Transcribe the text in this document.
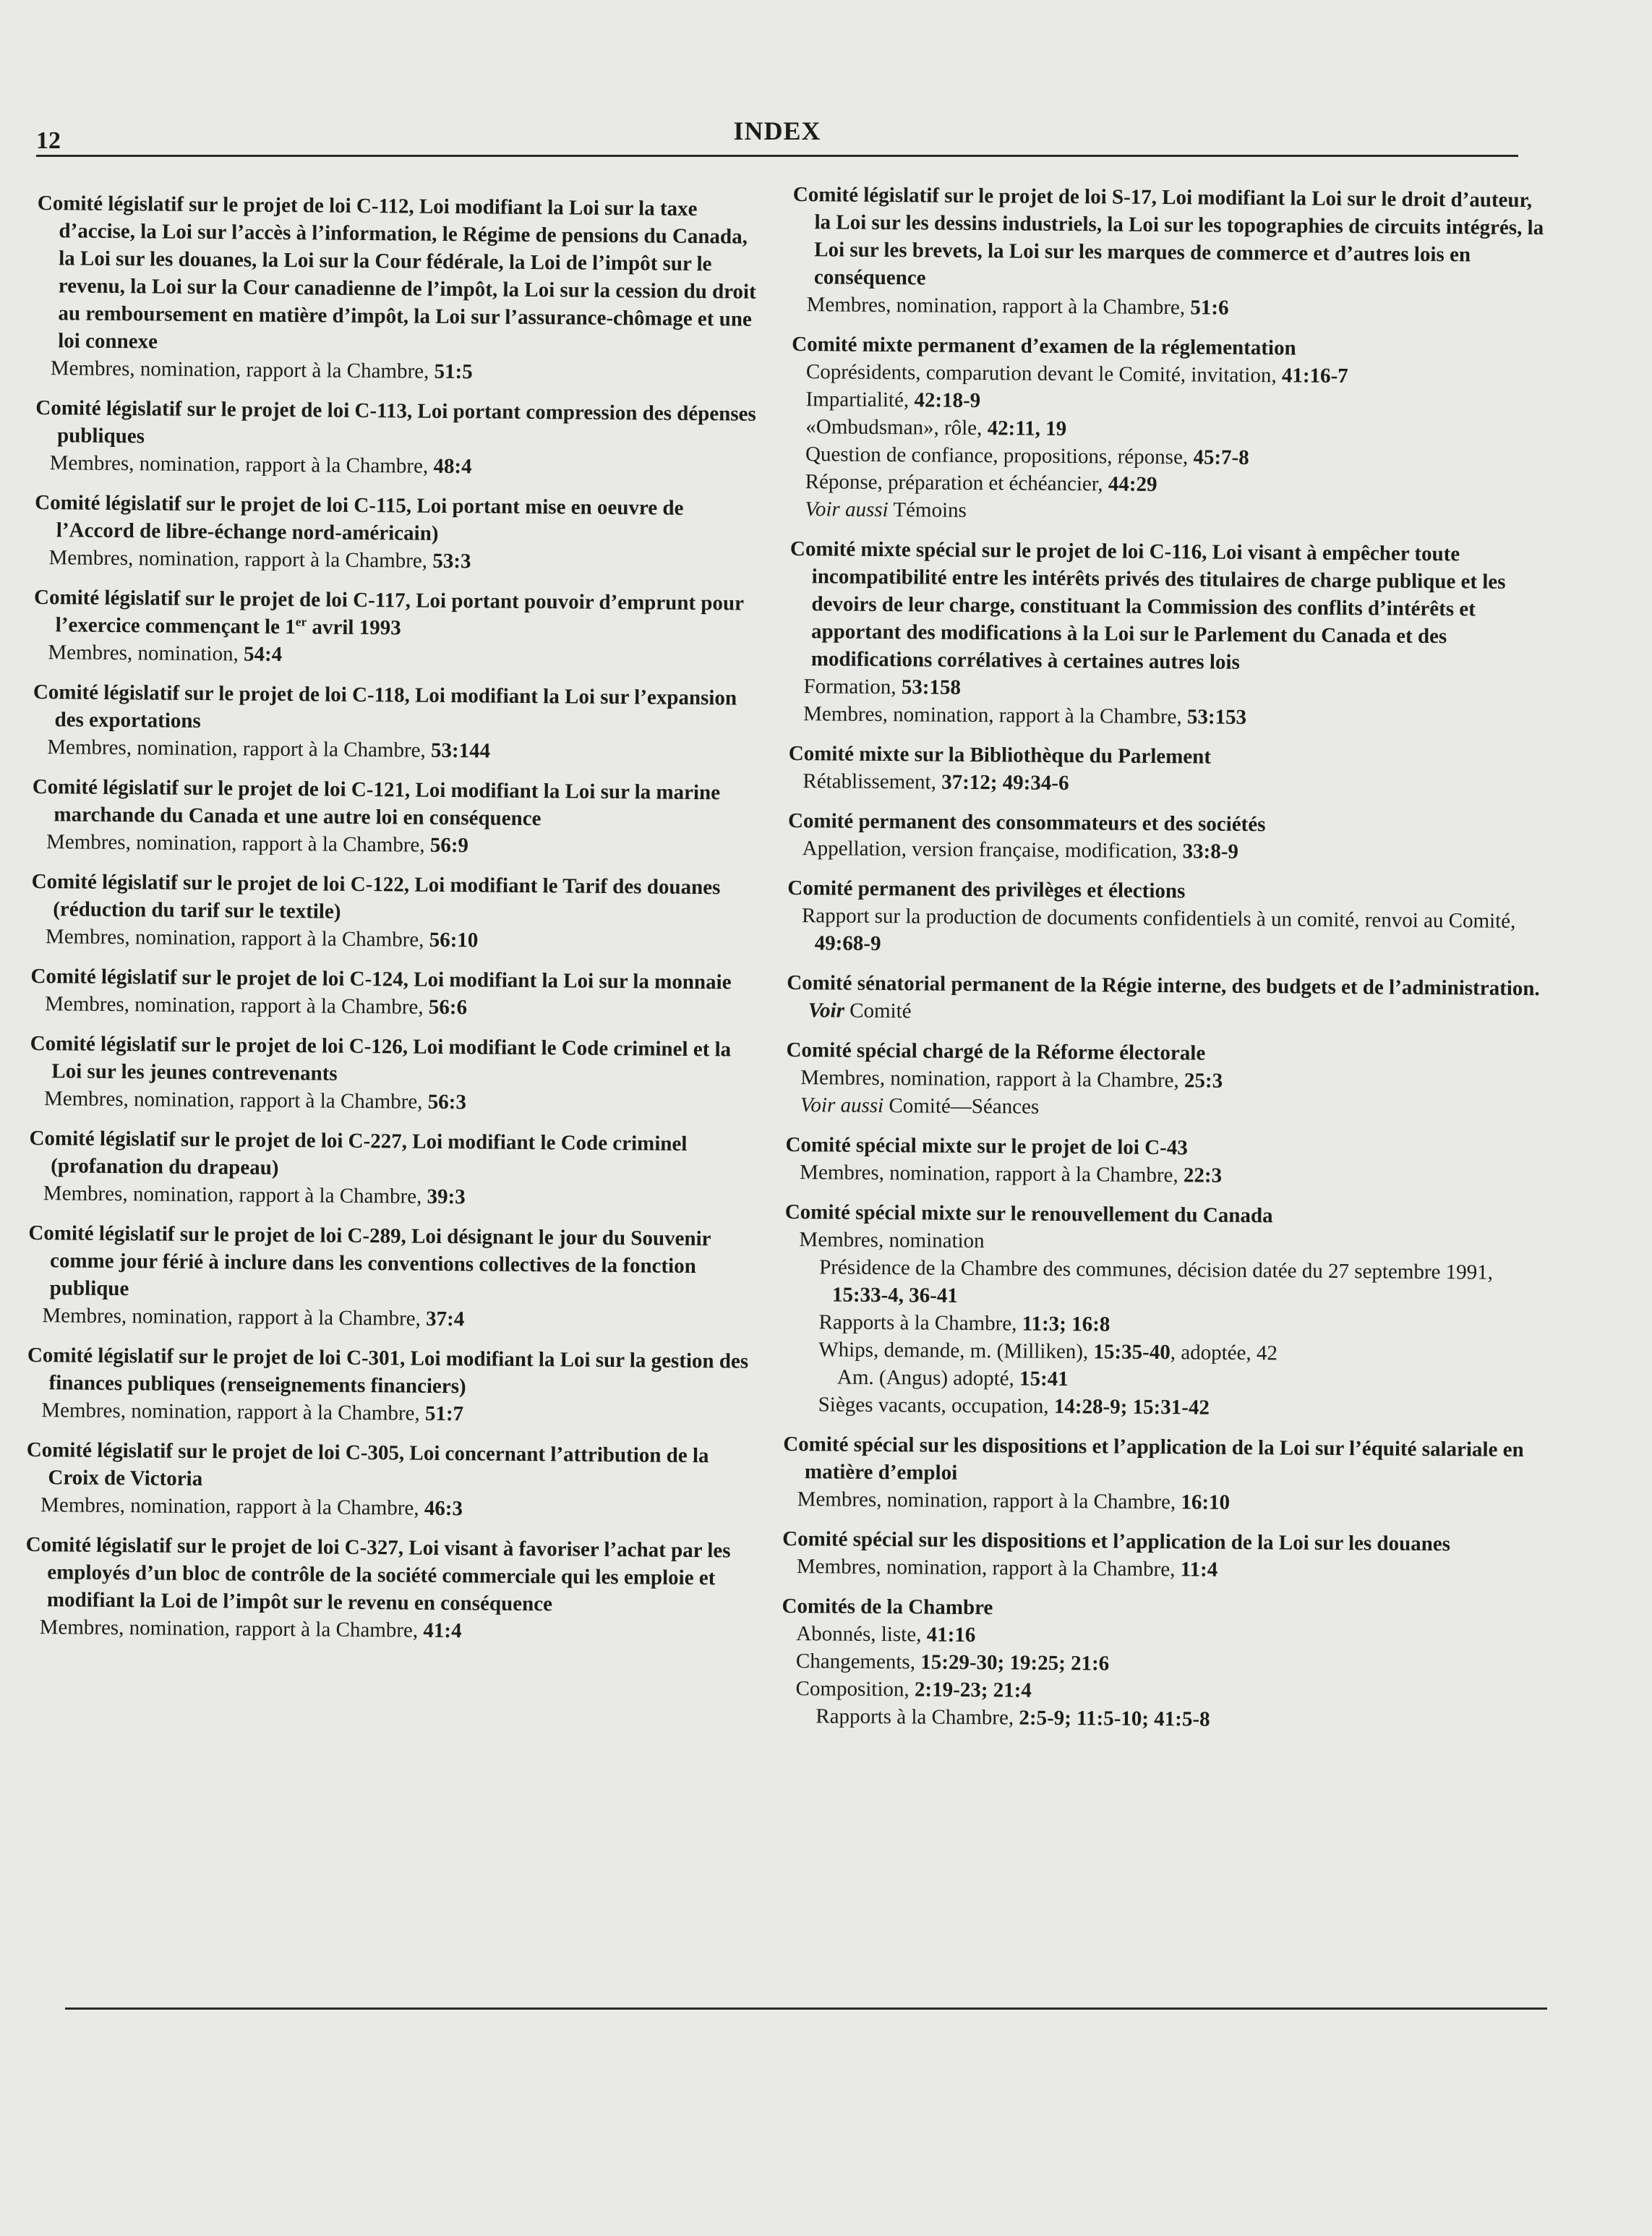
12	INDEX
Comité législatif sur le projet de loi C-112, Loi modifiant la Loi sur la taxe d’accise, la Loi sur l’accès à l’information, le Régime de pensions du Canada, la Loi sur les douanes, la Loi sur la Cour fédérale, la Loi de l’impôt sur le revenu, la Loi sur la Cour canadienne de l’impôt, la Loi sur la cession du droit au remboursement en matière d’impôt, la Loi sur l’assurance-chômage et une loi connexe
Membres, nomination, rapport à la Chambre, 51:5
Comité législatif sur le projet de loi C-113, Loi portant compression des dépenses publiques
Membres, nomination, rapport à la Chambre, 48:4
Comité législatif sur le projet de loi C-115, Loi portant mise en oeuvre de l’Accord de libre-échange nord-américain)
Membres, nomination, rapport à la Chambre, 53:3
Comité législatif sur le projet de loi C-117, Loi portant pouvoir d’emprunt pour l’exercice commençant le 1er avril 1993
Membres, nomination, 54:4
Comité législatif sur le projet de loi C-118, Loi modifiant la Loi sur l’expansion des exportations
Membres, nomination, rapport à la Chambre, 53:144
Comité législatif sur le projet de loi C-121, Loi modifiant la Loi sur la marine marchande du Canada et une autre loi en conséquence
Membres, nomination, rapport à la Chambre, 56:9
Comité législatif sur le projet de loi C-122, Loi modifiant le Tarif des douanes (réduction du tarif sur le textile)
Membres, nomination, rapport à la Chambre, 56:10
Comité législatif sur le projet de loi C-124, Loi modifiant la Loi sur la monnaie
Membres, nomination, rapport à la Chambre, 56:6
Comité législatif sur le projet de loi C-126, Loi modifiant le Code criminel et la Loi sur les jeunes contrevenants
Membres, nomination, rapport à la Chambre, 56:3
Comité législatif sur le projet de loi C-227, Loi modifiant le Code criminel (profanation du drapeau)
Membres, nomination, rapport à la Chambre, 39:3
Comité législatif sur le projet de loi C-289, Loi désignant le jour du Souvenir comme jour férié à inclure dans les conventions collectives de la fonction publique
Membres, nomination, rapport à la Chambre, 37:4
Comité législatif sur le projet de loi C-301, Loi modifiant la Loi sur la gestion des finances publiques (renseignements financiers)
Membres, nomination, rapport à la Chambre, 51:7
Comité législatif sur le projet de loi C-305, Loi concernant l’attribution de la Croix de Victoria
Membres, nomination, rapport à la Chambre, 46:3
Comité législatif sur le projet de loi C-327, Loi visant à favoriser l’achat par les employés d’un bloc de contrôle de la société commerciale qui les emploie et modifiant la Loi de l’impôt sur le revenu en conséquence
Membres, nomination, rapport à la Chambre, 41:4
Comité législatif sur le projet de loi S-17, Loi modifiant la Loi sur le droit d’auteur, la Loi sur les dessins industriels, la Loi sur les topographies de circuits intégrés, la Loi sur les brevets, la Loi sur les marques de commerce et d’autres lois en conséquence
Membres, nomination, rapport à la Chambre, 51:6
Comité mixte permanent d’examen de la réglementation
Coprésidents, comparution devant le Comité, invitation, 41:16-7
Impartialité, 42:18-9
«Ombudsman», rôle, 42:11, 19
Question de confiance, propositions, réponse, 45:7-8
Réponse, préparation et échéancier, 44:29
Voir aussi Témoins
Comité mixte spécial sur le projet de loi C-116, Loi visant à empêcher toute incompatibilité entre les intérêts privés des titulaires de charge publique et les devoirs de leur charge, constituant la Commission des conflits d’intérêts et apportant des modifications à la Loi sur le Parlement du Canada et des modifications corrélatives à certaines autres lois
Formation, 53:158
Membres, nomination, rapport à la Chambre, 53:153
Comité mixte sur la Bibliothèque du Parlement
Rétablissement, 37:12; 49:34-6
Comité permanent des consommateurs et des sociétés
Appellation, version française, modification, 33:8-9
Comité permanent des privilèges et élections
Rapport sur la production de documents confidentiels à un comité, renvoi au Comité, 49:68-9
Comité sénatorial permanent de la Régie interne, des budgets et de l’administration. Voir Comité
Comité spécial chargé de la Réforme électorale
Membres, nomination, rapport à la Chambre, 25:3
Voir aussi Comité—Séances
Comité spécial mixte sur le projet de loi C-43
Membres, nomination, rapport à la Chambre, 22:3
Comité spécial mixte sur le renouvellement du Canada
Membres, nomination
Présidence de la Chambre des communes, décision datée du 27 septembre 1991, 15:33-4, 36-41
Rapports à la Chambre, 11:3; 16:8
Whips, demande, m. (Milliken), 15:35-40, adoptée, 42
Am. (Angus) adopté, 15:41
Sièges vacants, occupation, 14:28-9; 15:31-42
Comité spécial sur les dispositions et l’application de la Loi sur l’équité salariale en matière d’emploi
Membres, nomination, rapport à la Chambre, 16:10
Comité spécial sur les dispositions et l’application de la Loi sur les douanes
Membres, nomination, rapport à la Chambre, 11:4
Comités de la Chambre
Abonnés, liste, 41:16
Changements, 15:29-30; 19:25; 21:6
Composition, 2:19-23; 21:4
Rapports à la Chambre, 2:5-9; 11:5-10; 41:5-8
